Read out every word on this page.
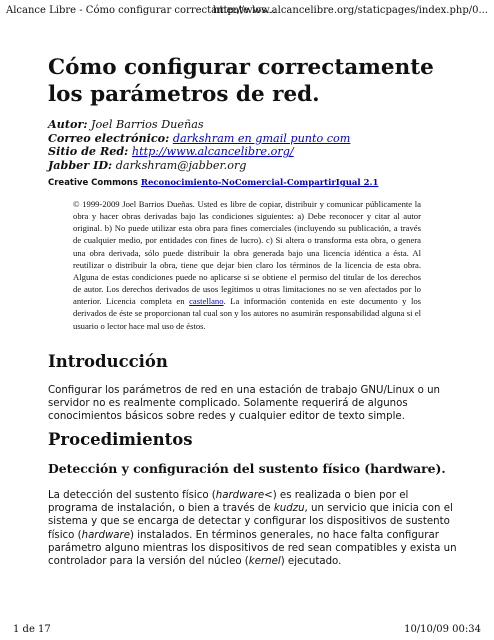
Alcance Libre - Cómo configurar correctamente los...
http://www.alcancelibre.org/staticpages/index.php/0...
Cómo configurar correctamente los parámetros de red.
Autor: Joel Barrios Dueñas
Correo electrónico: darkshram en gmail punto com
Sitio de Red: http://www.alcancelibre.org/
Jabber ID: darkshram@jabber.org
Creative Commons Reconocimiento-NoComercial-CompartirIgual 2.1

© 1999-2009 Joel Barrios Dueñas. Usted es libre de copiar, distribuir y comunicar públicamente la obra y hacer obras derivadas bajo las condiciones siguientes: a) Debe reconocer y citar al autor original. b) No puede utilizar esta obra para fines comerciales (incluyendo su publicación, a través de cualquier medio, por entidades con fines de lucro). c) Si altera o transforma esta obra, o genera una obra derivada, sólo puede distribuir la obra generada bajo una licencia idéntica a ésta. Al reutilizar o distribuir la obra, tiene que dejar bien claro los términos de la licencia de esta obra. Alguna de estas condiciones puede no aplicarse si se obtiene el permiso del titular de los derechos de autor. Los derechos derivados de usos legítimos u otras limitaciones no se ven afectados por lo anterior. Licencia completa en castellano. La información contenida en este documento y los derivados de éste se proporcionan tal cual son y los autores no asumirán responsabilidad alguna si el usuario o lector hace mal uso de éstos.

Introducción
Configurar los parámetros de red en una estación de trabajo GNU/Linux o un
servidor no es realmente complicado. Solamente requerirá de algunos
conocimientos básicos sobre redes y cualquier editor de texto simple.
Procedimientos
Detección y configuración del sustento físico (hardware).
La detección del sustento físico (hardware<) es realizada o bien por el
programa de instalación, o bien a través de kudzu, un servicio que inicia con el
sistema y que se encarga de detectar y configurar los dispositivos de sustento
físico (hardware) instalados. En términos generales, no hace falta configurar
parámetro alguno mientras los dispositivos de red sean compatibles y exista un
controlador para la versión del núcleo (kernel) ejecutado.
1 de 17	10/10/09 00:34
